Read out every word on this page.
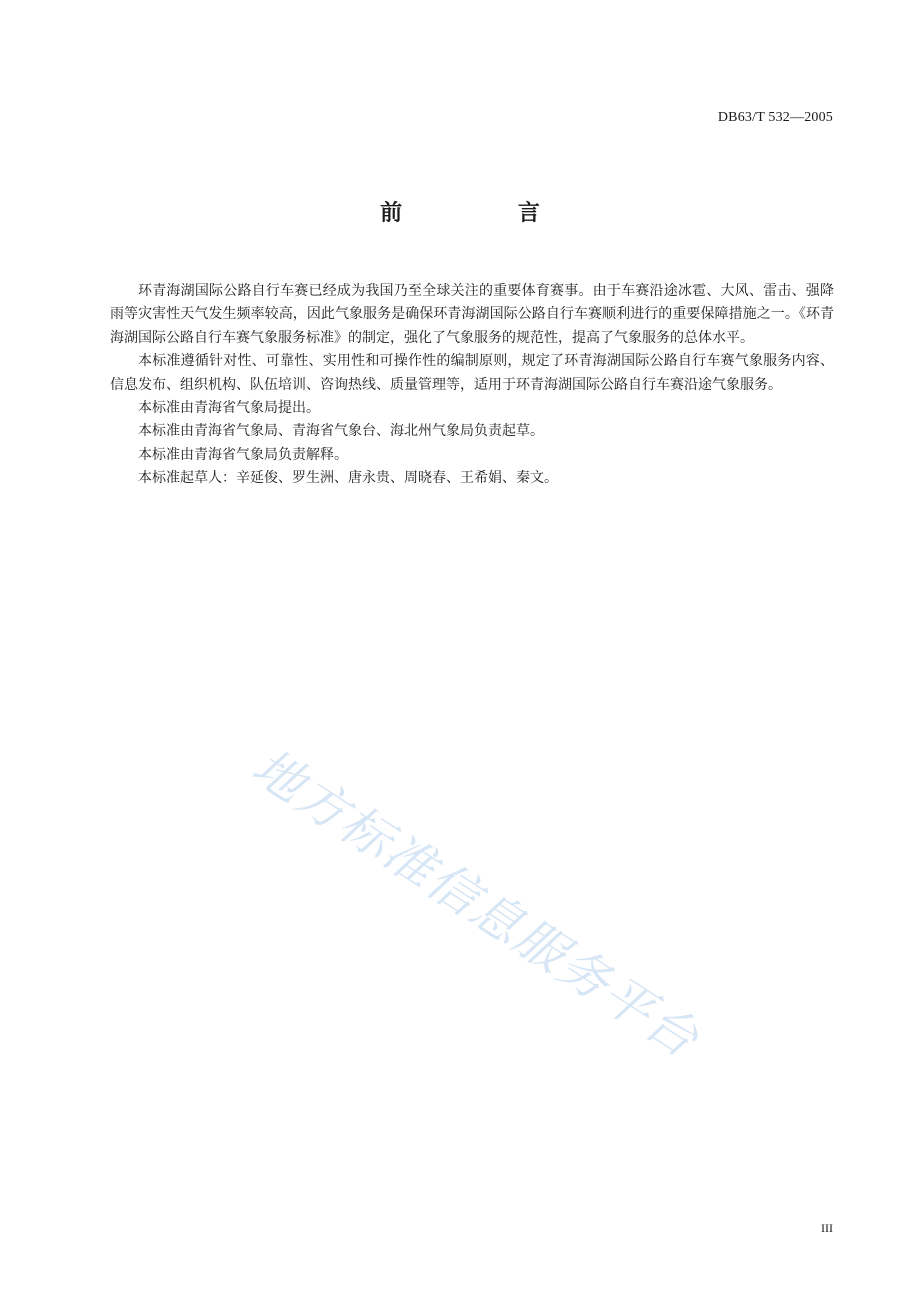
DB63/T 532—2005
前 言

环青海湖国际公路自行车赛已经成为我国乃至全球关注的重要体育赛事。由于车赛沿途冰雹、大风、雷击、强降雨等灾害性天气发生频率较高，因此气象服务是确保环青海湖国际公路自行车赛顺利进行的重要保障措施之一。《环青海湖国际公路自行车赛气象服务标准》的制定，强化了气象服务的规范性，提高了气象服务的总体水平。

本标准遵循针对性、可靠性、实用性和可操作性的编制原则，规定了环青海湖国际公路自行车赛气象服务内容、信息发布、组织机构、队伍培训、咨询热线、质量管理等，适用于环青海湖国际公路自行车赛沿途气象服务。

本标准由青海省气象局提出。

本标准由青海省气象局、青海省气象台、海北州气象局负责起草。

本标准由青海省气象局负责解释。

本标准起草人：辛延俊、罗生洲、唐永贵、周晓春、王希娟、秦文。

地方标准信息服务平台
III
